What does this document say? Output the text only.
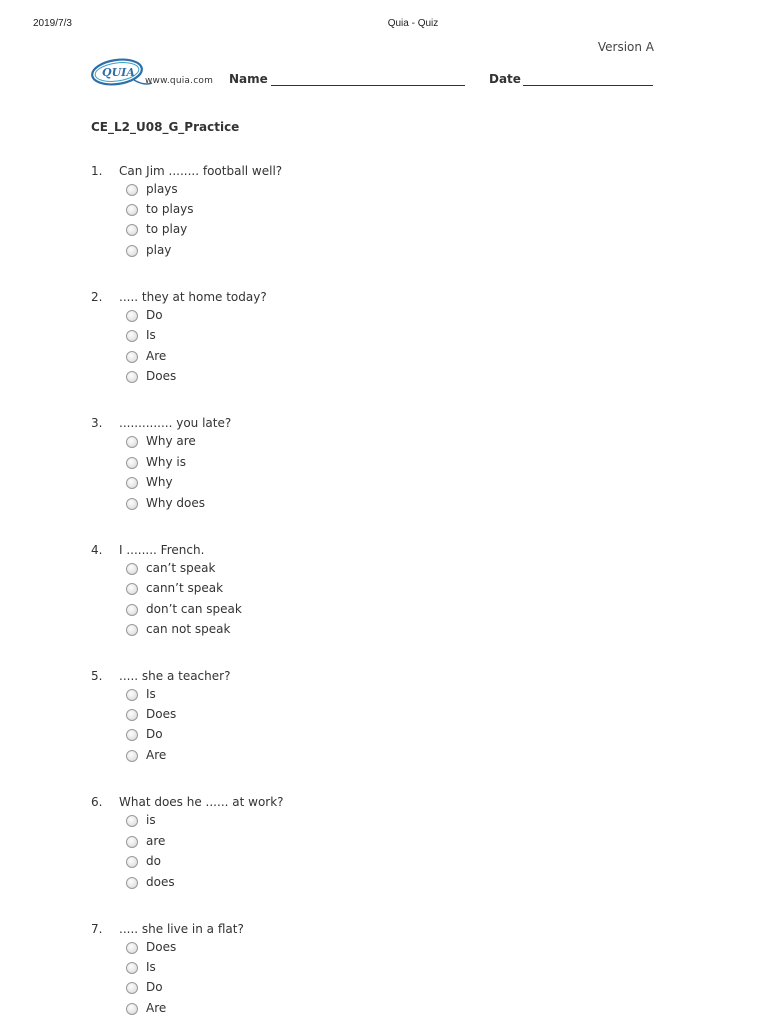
2019/7/3	Quia - Quiz
Version A
QUIA
www.quia.com Name	Date
CE_L2_U08_G_Practice
1. Can Jim ........ football well?
plays
to plays
to play
play
2. ..... they at home today?
Do
Is
Are
Does
3. .............. you late?
Why are
Why is
Why
Why does
4. I ........ French.
can’t speak
cann’t speak
don’t can speak
can not speak
5. ..... she a teacher?
Is
Does
Do
Are
6. What does he ...... at work?
is
are
do
does
7. ..... she live in a flat?
Does
Is
Do
Are
